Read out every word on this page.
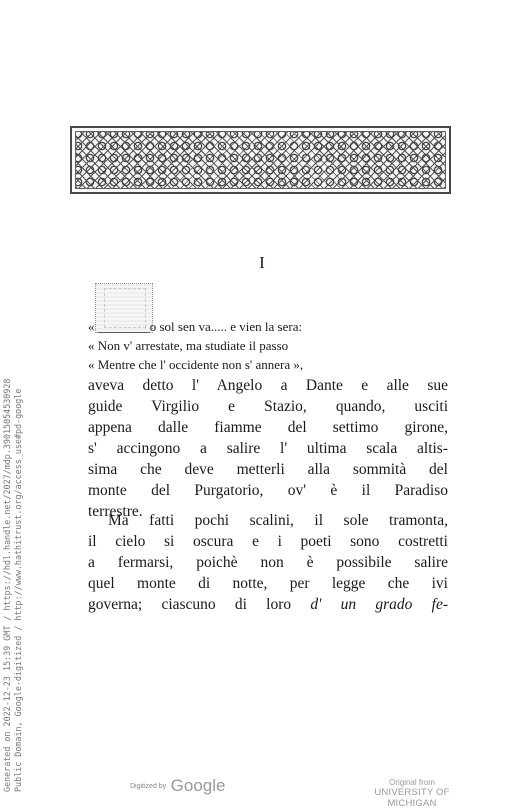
I
« ________o sol sen va..... e vien la sera:
« Non v' arrestate, ma studiate il passo
« Mentre che l' occidente non s' annera »,
aveva detto l' Angelo a Dante e alle sue
guide Virgilio e Stazio, quando, usciti
appena dalle fiamme del settimo girone,
s' accingono a salire l' ultima scala altis-
sima che deve metterli alla sommità del
monte del Purgatorio, ov' è il Paradiso
terrestre.
Ma fatti pochi scalini, il sole tramonta,
il cielo si oscura e i poeti sono costretti
a fermarsi, poichè non è possibile salire
quel monte di notte, per legge che ivi
governa; ciascuno di loro d' un grado fe-
Generated on 2022-12-23 15:39 GMT / https://hdl.handle.net/2027/mdp.39015054530928 Public Domain, Google-digitized / http://www.hathitrust.org/access_use#pd-google	Digitized by Google	Original from
UNIVERSITY OF MICHIGAN
